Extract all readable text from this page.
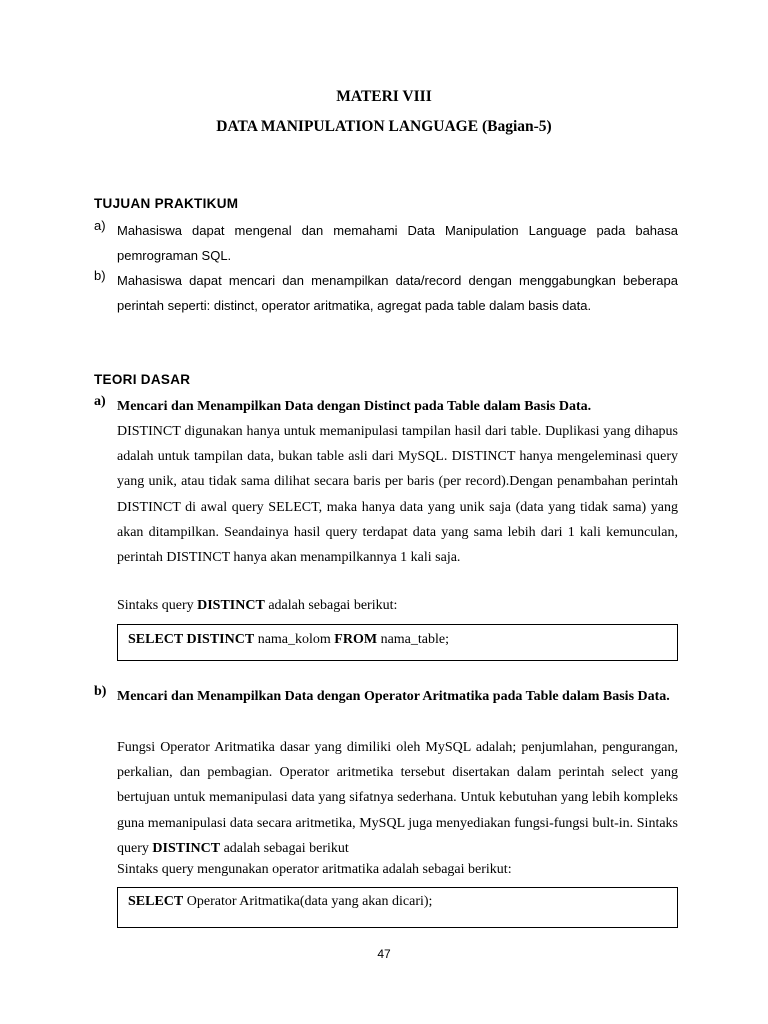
MATERI VIII
DATA MANIPULATION LANGUAGE (Bagian-5)
TUJUAN PRAKTIKUM
a) Mahasiswa dapat mengenal dan memahami Data Manipulation Language pada bahasa pemrograman SQL.
b) Mahasiswa dapat mencari dan menampilkan data/record dengan menggabungkan beberapa perintah seperti: distinct, operator aritmatika, agregat pada table dalam basis data.
TEORI DASAR
a) Mencari dan Menampilkan Data dengan Distinct pada Table dalam Basis Data.
DISTINCT digunakan hanya untuk memanipulasi tampilan hasil dari table. Duplikasi yang dihapus adalah untuk tampilan data, bukan table asli dari MySQL. DISTINCT hanya mengeleminasi query yang unik, atau tidak sama dilihat secara baris per baris (per record).Dengan penambahan perintah DISTINCT di awal query SELECT, maka hanya data yang unik saja (data yang tidak sama) yang akan ditampilkan. Seandainya hasil query terdapat data yang sama lebih dari 1 kali kemunculan, perintah DISTINCT hanya akan menampilkannya 1 kali saja.
Sintaks query DISTINCT adalah sebagai berikut:
SELECT DISTINCT nama_kolom FROM nama_table;
b) Mencari dan Menampilkan Data dengan Operator Aritmatika pada Table dalam Basis Data.
Fungsi Operator Aritmatika dasar yang dimiliki oleh MySQL adalah; penjumlahan, pengurangan, perkalian, dan pembagian. Operator aritmetika tersebut disertakan dalam perintah select yang bertujuan untuk memanipulasi data yang sifatnya sederhana. Untuk kebutuhan yang lebih kompleks guna memanipulasi data secara aritmetika, MySQL juga menyediakan fungsi-fungsi bult-in. Sintaks query DISTINCT adalah sebagai berikut
Sintaks query mengunakan operator aritmatika adalah sebagai berikut:
SELECT Operator Aritmatika(data yang akan dicari);
47
